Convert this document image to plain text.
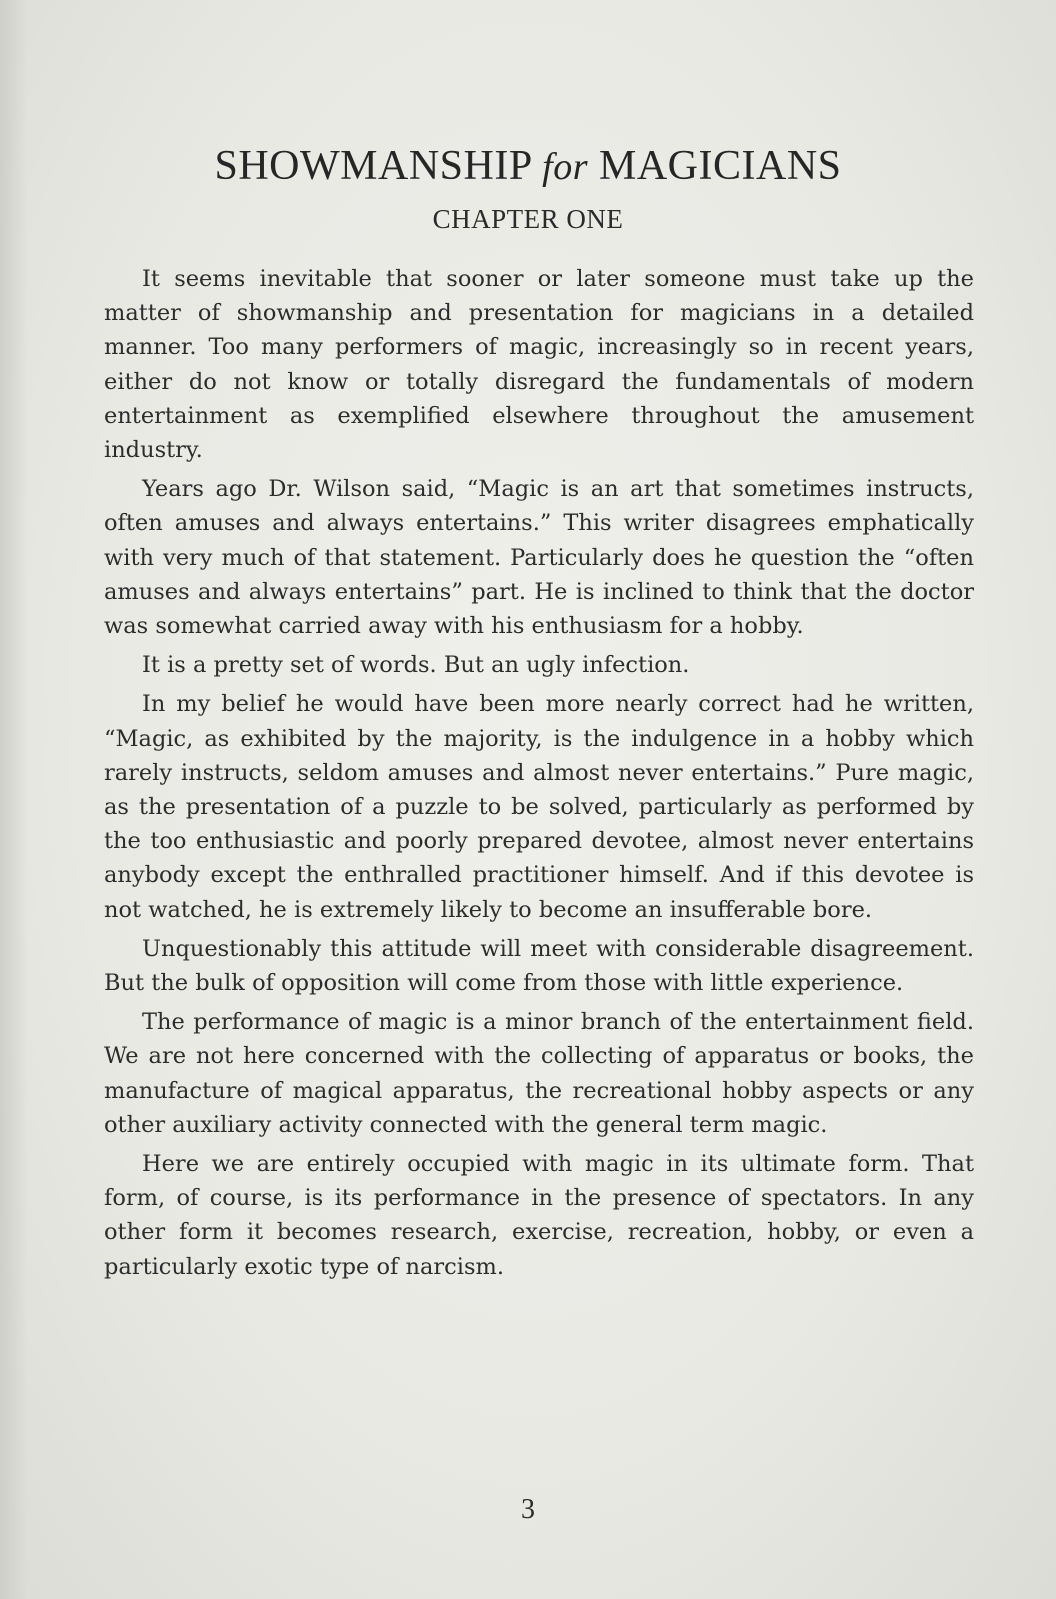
SHOWMANSHIP for MAGICIANS
CHAPTER ONE

It seems inevitable that sooner or later someone must take up the matter of showmanship and presentation for magicians in a detailed manner. Too many performers of magic, increasingly so in recent years, either do not know or totally disregard the fundamentals of modern entertainment as exemplified elsewhere throughout the amusement industry.

Years ago Dr. Wilson said, “Magic is an art that sometimes instructs, often amuses and always entertains.” This writer disagrees emphatically with very much of that statement. Particularly does he question the “often amuses and always entertains” part. He is inclined to think that the doctor was somewhat carried away with his enthusiasm for a hobby.

It is a pretty set of words. But an ugly infection.

In my belief he would have been more nearly correct had he written, “Magic, as exhibited by the majority, is the indulgence in a hobby which rarely instructs, seldom amuses and almost never entertains.” Pure magic, as the presentation of a puzzle to be solved, particularly as performed by the too enthusiastic and poorly prepared devotee, almost never entertains anybody except the enthralled practitioner himself. And if this devotee is not watched, he is extremely likely to become an insufferable bore.

Unquestionably this attitude will meet with considerable disagreement. But the bulk of opposition will come from those with little experience.

The performance of magic is a minor branch of the entertainment field. We are not here concerned with the collecting of apparatus or books, the manufacture of magical apparatus, the recreational hobby aspects or any other auxiliary activity connected with the general term magic.

Here we are entirely occupied with magic in its ultimate form. That form, of course, is its performance in the presence of spectators. In any other form it becomes research, exercise, recreation, hobby, or even a particularly exotic type of narcism.

3
